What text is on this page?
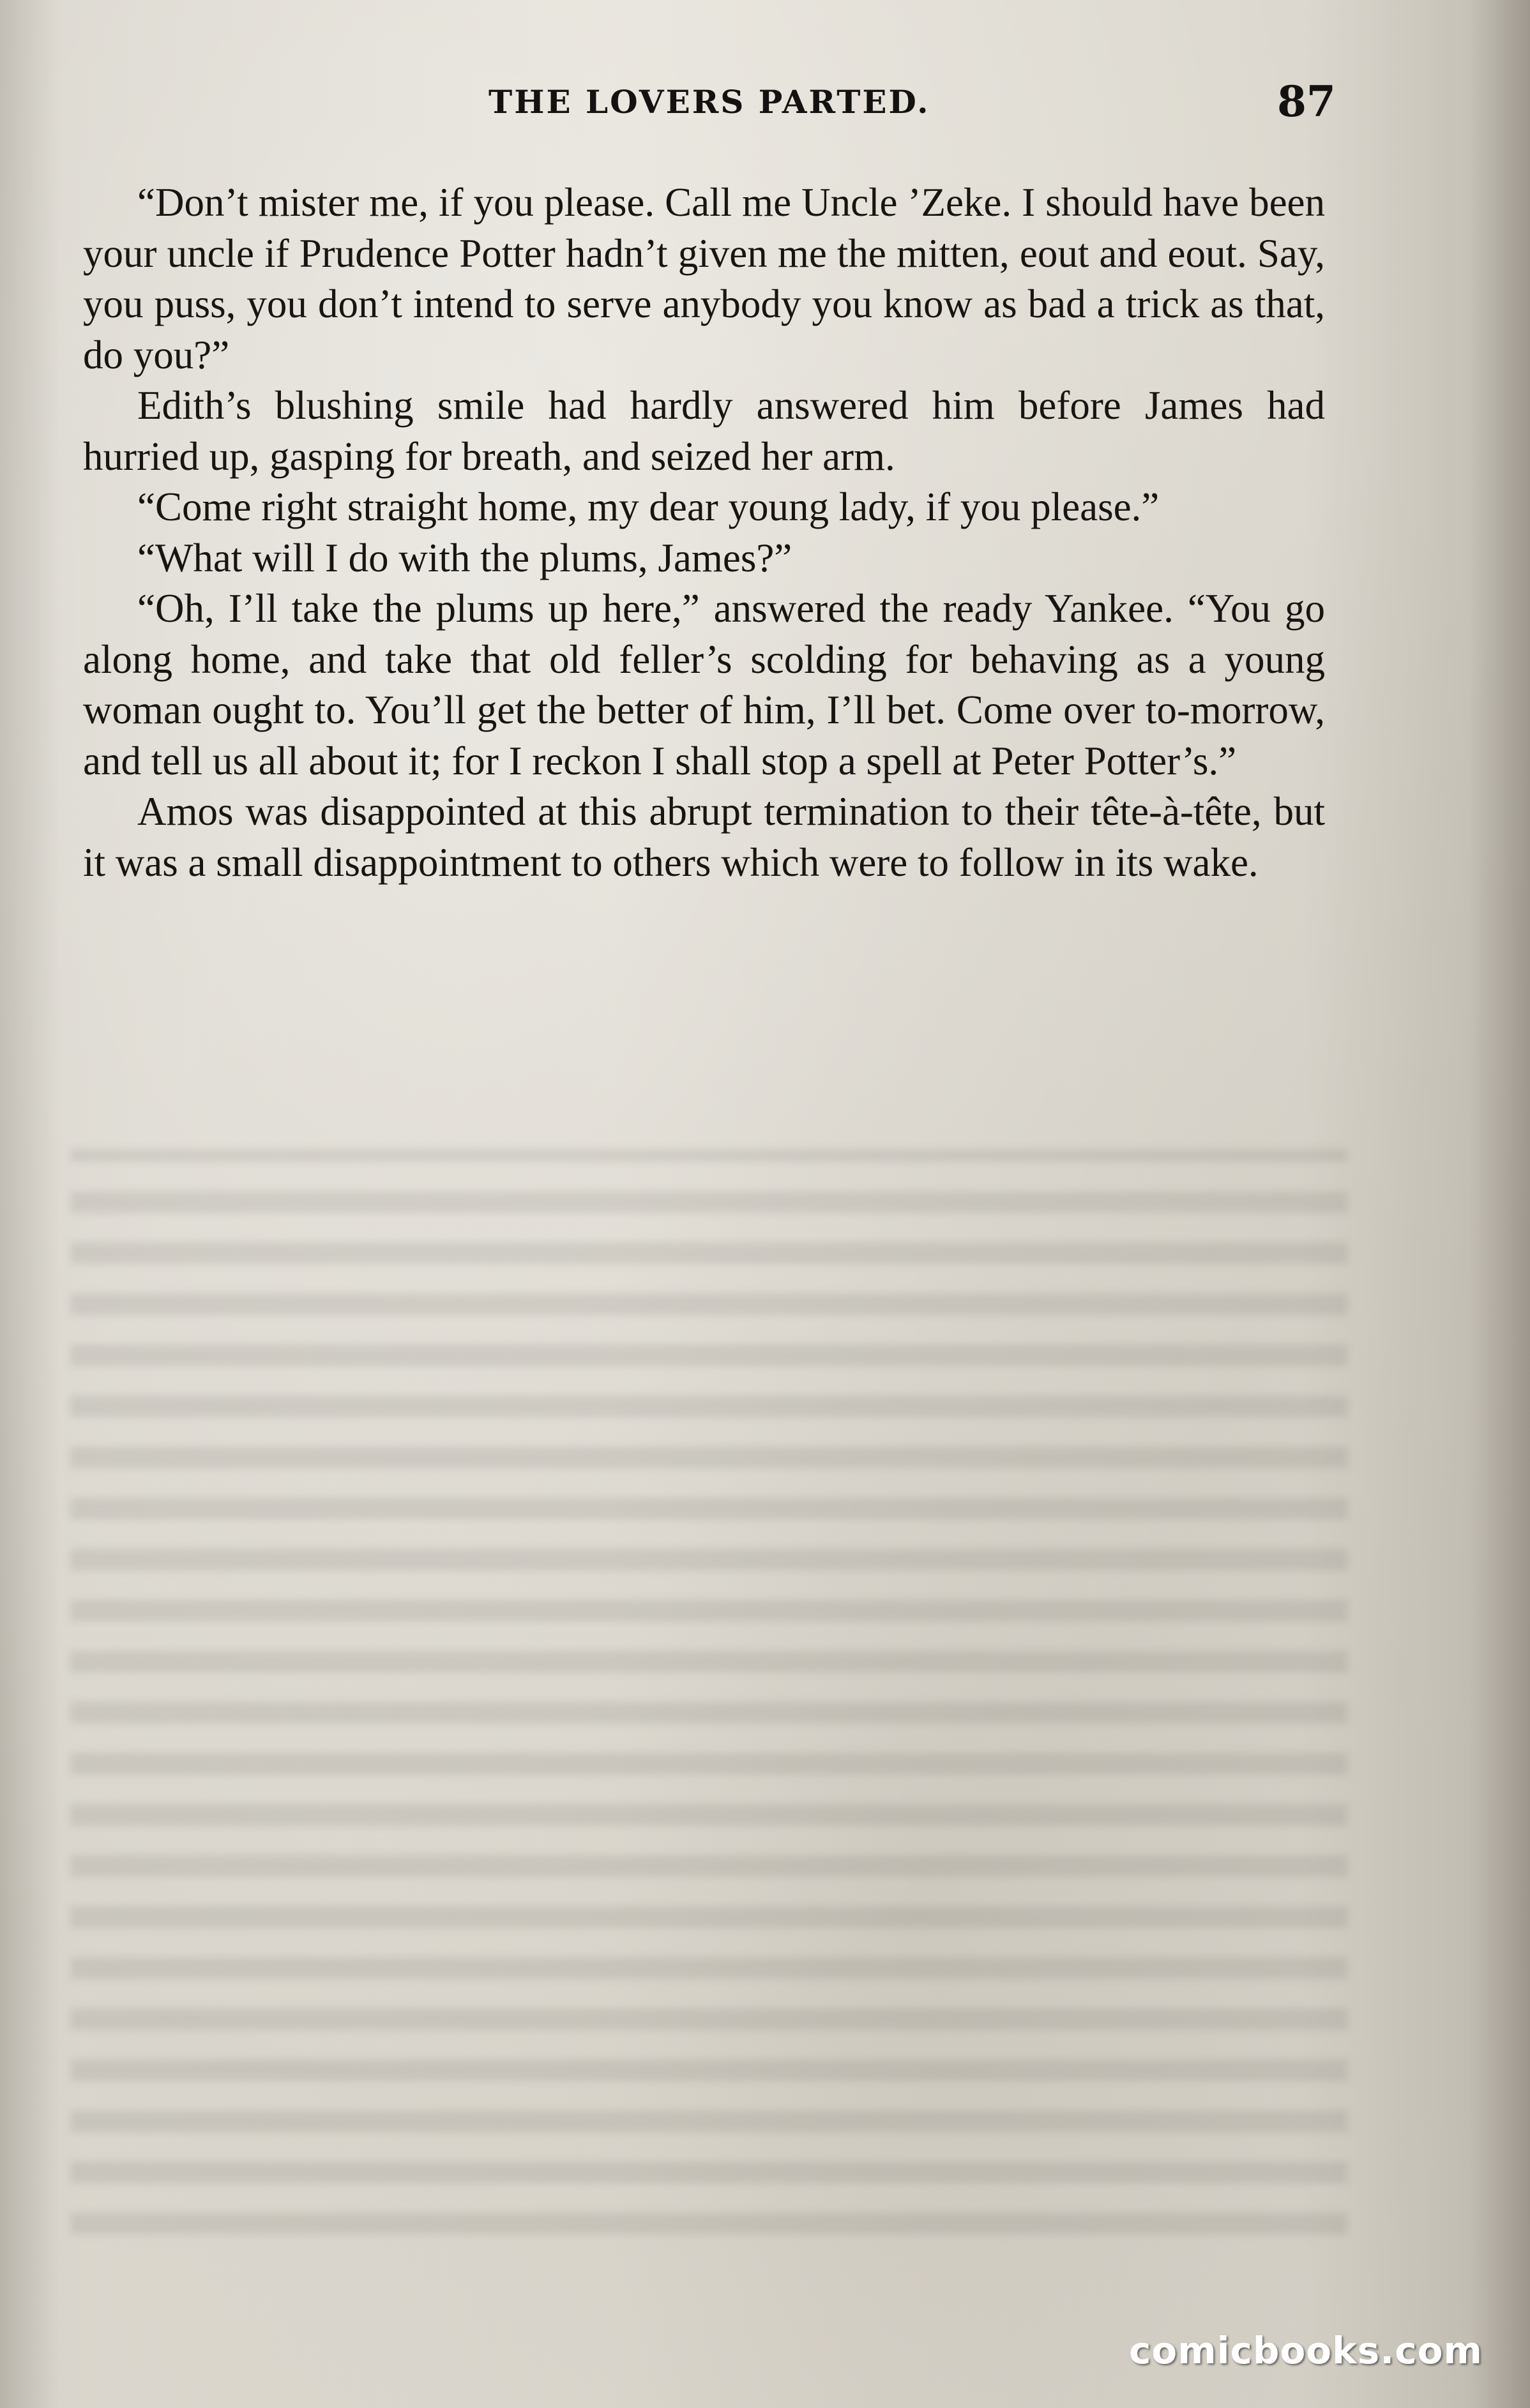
THE LOVERS PARTED.	87

“Don’t mister me, if you please. Call me Uncle ’Zeke. I should have been your uncle if Prudence Potter hadn’t given me the mitten, eout and eout. Say, you puss, you don’t intend to serve anybody you know as bad a trick as that, do you?”

Edith’s blushing smile had hardly answered him before James had hurried up, gasping for breath, and seized her arm.

“Come right straight home, my dear young lady, if you please.”

“What will I do with the plums, James?”

“Oh, I’ll take the plums up here,” answered the ready Yankee. “You go along home, and take that old feller’s scolding for behaving as a young woman ought to. You’ll get the better of him, I’ll bet. Come over to-morrow, and tell us all about it; for I reckon I shall stop a spell at Peter Potter’s.”

Amos was disappointed at this abrupt termination to their tête-à-tête, but it was a small disappointment to others which were to follow in its wake.

comicbooks.com
